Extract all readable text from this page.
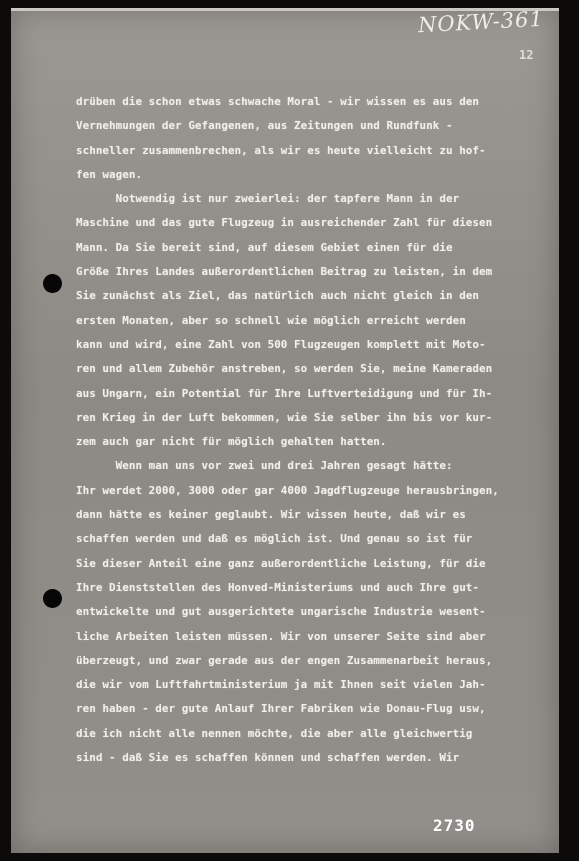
NOKW-361
12
drüben die schon etwas schwache Moral - wir wissen es aus den
Vernehmungen der Gefangenen, aus Zeitungen und Rundfunk -
schneller zusammenbrechen, als wir es heute vielleicht zu hof-
fen wagen.
Notwendig ist nur zweierlei: der tapfere Mann in der
Maschine und das gute Flugzeug in ausreichender Zahl für diesen
Mann. Da Sie bereit sind, auf diesem Gebiet einen für die
Größe Ihres Landes außerordentlichen Beitrag zu leisten, in dem
Sie zunächst als Ziel, das natürlich auch nicht gleich in den
ersten Monaten, aber so schnell wie möglich erreicht werden
kann und wird, eine Zahl von 500 Flugzeugen komplett mit Moto-
ren und allem Zubehör anstreben, so werden Sie, meine Kameraden
aus Ungarn, ein Potential für Ihre Luftverteidigung und für Ih-
ren Krieg in der Luft bekommen, wie Sie selber ihn bis vor kur-
zem auch gar nicht für möglich gehalten hatten.
Wenn man uns vor zwei und drei Jahren gesagt hätte:
Ihr werdet 2000, 3000 oder gar 4000 Jagdflugzeuge herausbringen,
dann hätte es keiner geglaubt. Wir wissen heute, daß wir es
schaffen werden und daß es möglich ist. Und genau so ist für
Sie dieser Anteil eine ganz außerordentliche Leistung, für die
Ihre Dienststellen des Honved-Ministeriums und auch Ihre gut-
entwickelte und gut ausgerichtete ungarische Industrie wesent-
liche Arbeiten leisten müssen. Wir von unserer Seite sind aber
überzeugt, und zwar gerade aus der engen Zusammenarbeit heraus,
die wir vom Luftfahrtministerium ja mit Ihnen seit vielen Jah-
ren haben - der gute Anlauf Ihrer Fabriken wie Donau-Flug usw,
die ich nicht alle nennen möchte, die aber alle gleichwertig
sind - daß Sie es schaffen können und schaffen werden. Wir
2730
